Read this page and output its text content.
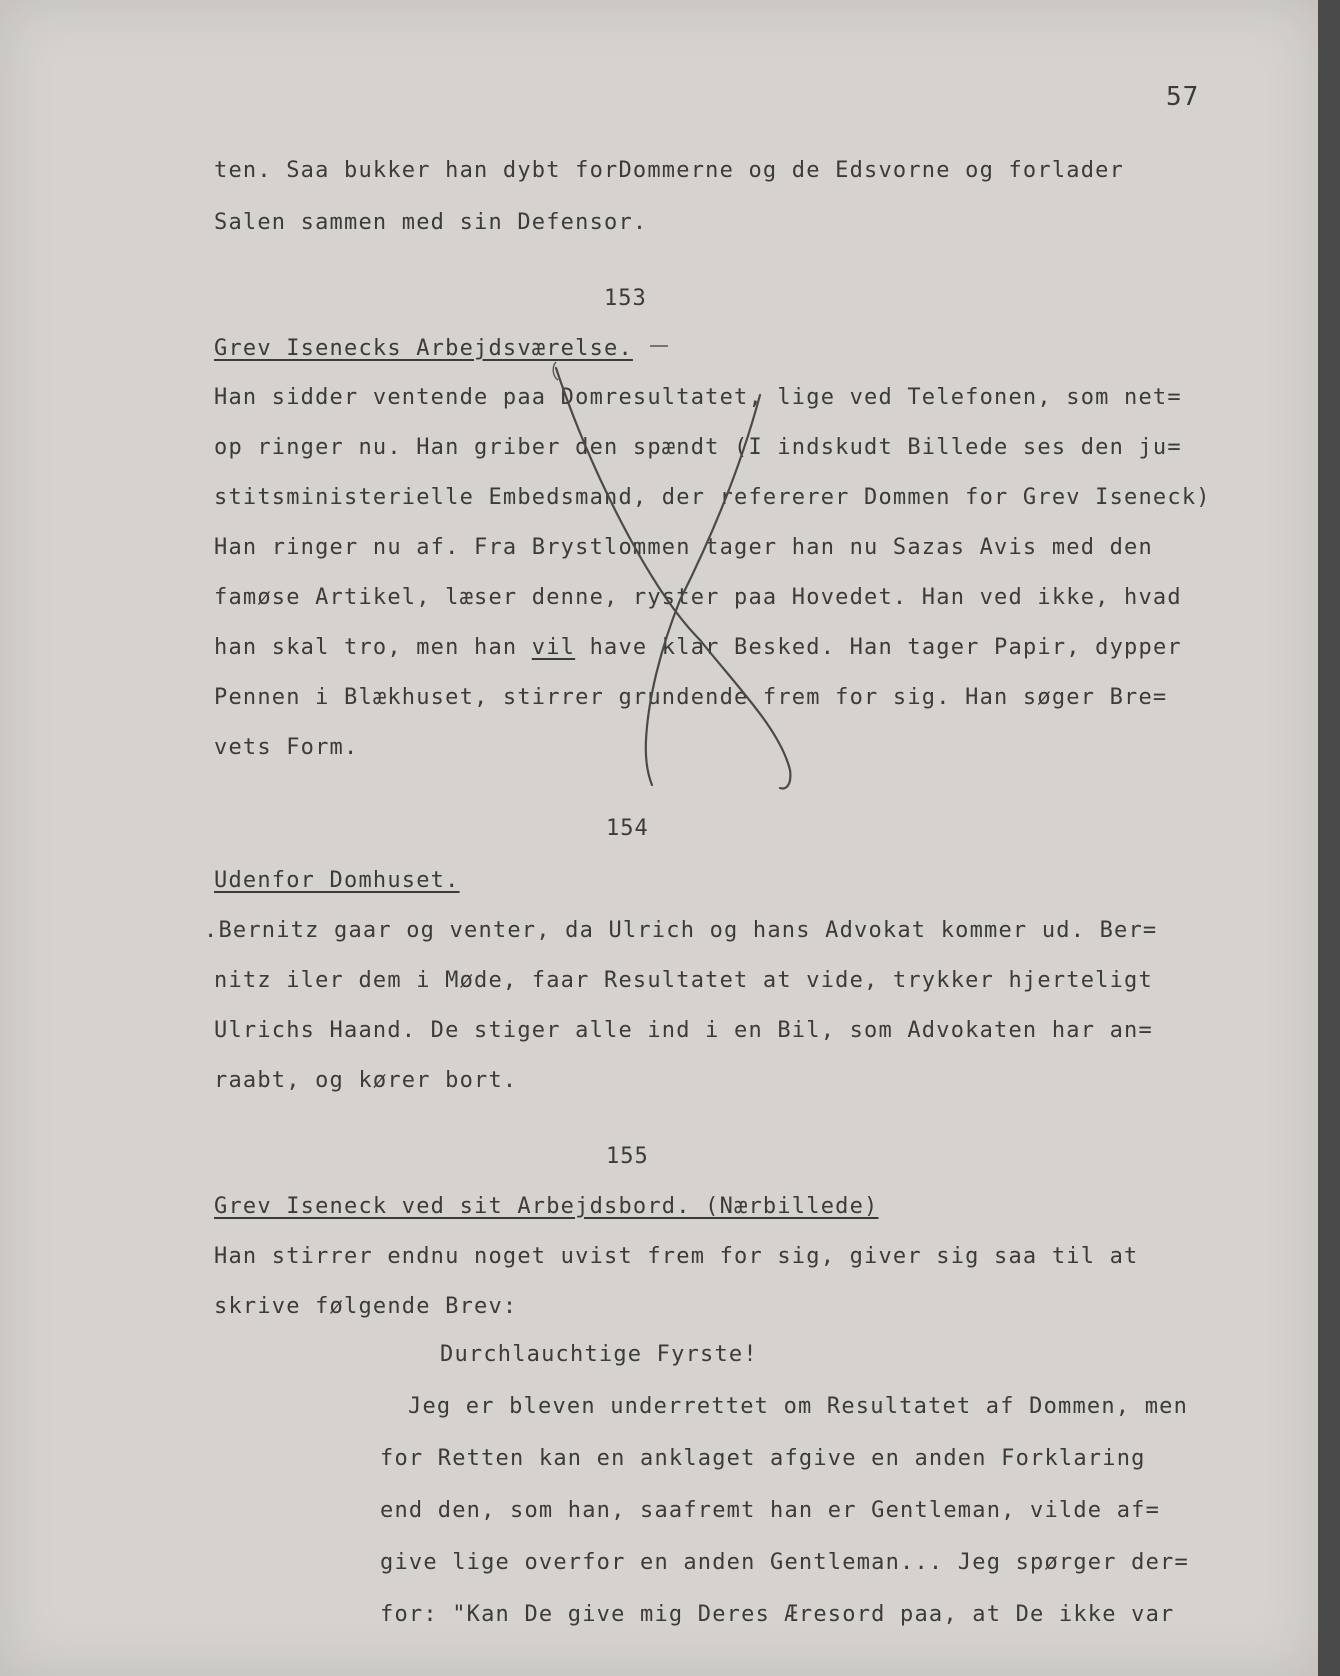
57
ten. Saa bukker han dybt forDommerne og de Edsvorne og forlader
Salen sammen med sin Defensor.
153
Grev Isenecks Arbejdsværelse.
Han sidder ventende paa Domresultatet, lige ved Telefonen, som net=
op ringer nu. Han griber den spændt (I indskudt Billede ses den ju=
stitsministerielle Embedsmand, der refererer Dommen for Grev Iseneck)
Han ringer nu af. Fra Brystlommen tager han nu Sazas Avis med den
famøse Artikel, læser denne, ryster paa Hovedet. Han ved ikke, hvad
han skal tro, men han vil have klar Besked. Han tager Papir, dypper
Pennen i Blækhuset, stirrer grundende frem for sig. Han søger Bre=
vets Form.
154
Udenfor Domhuset.
.Bernitz gaar og venter, da Ulrich og hans Advokat kommer ud. Ber=
nitz iler dem i Møde, faar Resultatet at vide, trykker hjerteligt
Ulrichs Haand. De stiger alle ind i en Bil, som Advokaten har an=
raabt, og kører bort.
155
Grev Iseneck ved sit Arbejdsbord. (Nærbillede)
Han stirrer endnu noget uvist frem for sig, giver sig saa til at
skrive følgende Brev:
Durchlauchtige Fyrste!
Jeg er bleven underrettet om Resultatet af Dommen, men
for Retten kan en anklaget afgive en anden Forklaring
end den, som han, saafremt han er Gentleman, vilde af=
give lige overfor en anden Gentleman... Jeg spørger der=
for: "Kan De give mig Deres Æresord paa, at De ikke var
